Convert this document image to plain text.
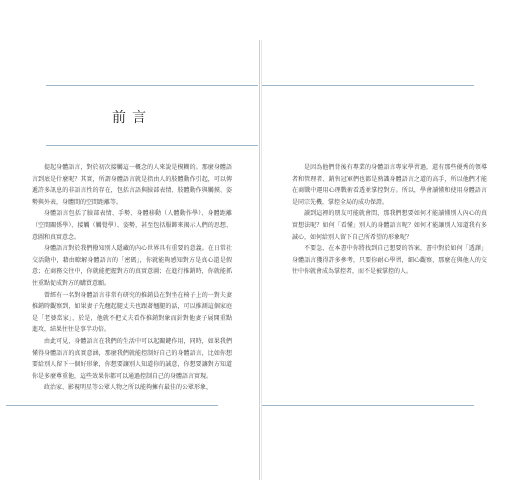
前言

提起身體語言，對於初次接觸這一概念的人來說是模糊的。那麼身體語言到底是什麼呢？其實，所謂身體語言就是指由人的肢體動作引起，可以傳遞許多訊息的非語言性的存在，包括言語與臉部表情、肢體動作與觸摸、姿勢與外表，身體間的空間距離等。

身體語言包括了臉部表情、手勢、身體移動（人體動作學）、身體距離（空間關係學）、接觸（觸覺學）、姿勢，甚至包括服飾來揭示人們的思想、意圖和真實意念。

身體語言對於我們撥知別人隱藏的內心世界具有重要的意義。在日常社交活動中，藉由瞭解身體語言的「密碼」，你就能夠感知對方是真心還是假意；在商務交往中，你就能把握對方的真實意圖；在進行推銷時，你就能抓住重點促成對方的購買意願。

曾經有一名對身體語言非常有研究的推銷員在對坐在椅子上的一對夫妻推銷時觀察到，如果妻子先翹起腿丈夫也跟著翹腿的話，可以推測這個家庭是「老婆當家」，於是，他就不把丈夫看作推銷對象而針對他妻子展開重點進攻，結果往往是事半功倍。

由此可見，身體語言在我們的生活中可以起關鍵作用，同時，如果我們懂得身體語言的真實意涵，那麼我們就能控制好自己的身體語言，比如你想要給別人留下一個好形象，你想要讓別人知道你的誠意，你想要讓對方知道你是多麼尊重他，這些效果你都可以通過控制自己的身體語言實現。

政治家、影視明星等公眾人物之所以能夠擁有最佳的公眾形象，

是因為他們背後有專業的身體語言專家學習過，還有那些優秀的領導者和管理者、銷售冠軍們也都是熟識身體語言之道的高手，所以他們才能在商戰中運用心理戰術看透並掌控對方。所以，學會讀懂和使用身體語言是同宗先機，掌控全局的成功保證。

讀到這裡的朋友可能就會問，那我們想要如何才能讀懂別人內心的真實想法呢？如何「看懂」別人的身體語言呢？如何才能讓別人知道我有多誠心，如何給別人留下自己所希望的形象呢？

不要急，在本書中你將找到自己想要的答案，書中對於如何「透譯」身體語言獲得許多參考，只要你耐心學習，細心觀察，那麼在與他人的交往中你就會成為掌控者，而不是被掌控的人。
